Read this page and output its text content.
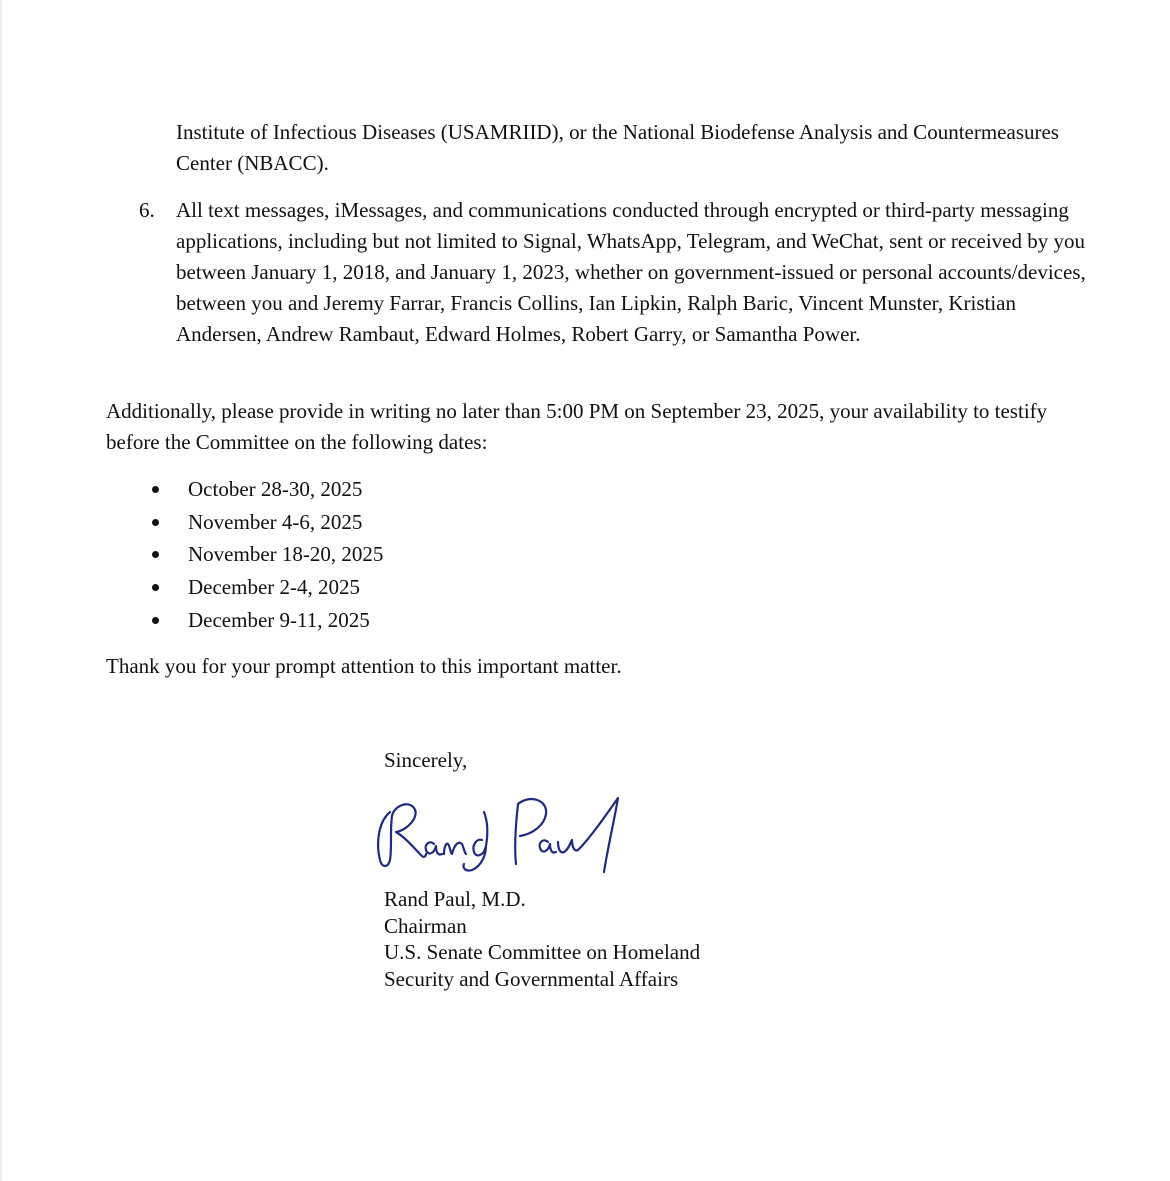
Institute of Infectious Diseases (USAMRIID), or the National Biodefense Analysis and Countermeasures Center (NBACC).

6. All text messages, iMessages, and communications conducted through encrypted or third-party messaging applications, including but not limited to Signal, WhatsApp, Telegram, and WeChat, sent or received by you between January 1, 2018, and January 1, 2023, whether on government-issued or personal accounts/devices, between you and Jeremy Farrar, Francis Collins, Ian Lipkin, Ralph Baric, Vincent Munster, Kristian Andersen, Andrew Rambaut, Edward Holmes, Robert Garry, or Samantha Power.

Additionally, please provide in writing no later than 5:00 PM on September 23, 2025, your availability to testify before the Committee on the following dates:

October 28-30, 2025
November 4-6, 2025
November 18-20, 2025
December 2-4, 2025
December 9-11, 2025

Thank you for your prompt attention to this important matter.

Sincerely,

Rand Paul, M.D.
Chairman
U.S. Senate Committee on Homeland
Security and Governmental Affairs
